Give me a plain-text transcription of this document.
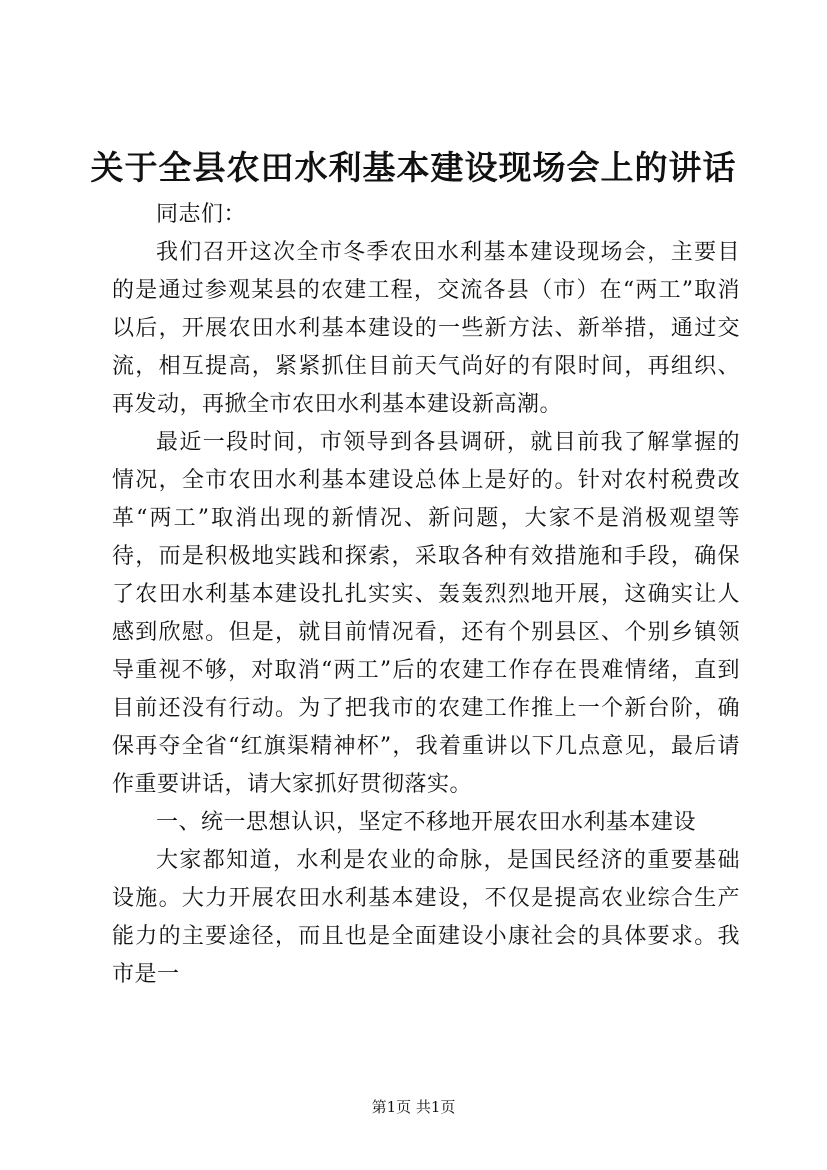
关于全县农田水利基本建设现场会上的讲话

同志们：

我们召开这次全市冬季农田水利基本建设现场会，主要目的是通过参观某县的农建工程，交流各县（市）在“两工”取消以后，开展农田水利基本建设的一些新方法、新举措，通过交流，相互提高，紧紧抓住目前天气尚好的有限时间，再组织、再发动，再掀全市农田水利基本建设新高潮。

最近一段时间，市领导到各县调研，就目前我了解掌握的情况，全市农田水利基本建设总体上是好的。针对农村税费改革“两工”取消出现的新情况、新问题，大家不是消极观望等待，而是积极地实践和探索，采取各种有效措施和手段，确保了农田水利基本建设扎扎实实、轰轰烈烈地开展，这确实让人感到欣慰。但是，就目前情况看，还有个别县区、个别乡镇领导重视不够，对取消“两工”后的农建工作存在畏难情绪，直到目前还没有行动。为了把我市的农建工作推上一个新台阶，确保再夺全省“红旗渠精神杯”，我着重讲以下几点意见，最后请作重要讲话，请大家抓好贯彻落实。

一、统一思想认识，坚定不移地开展农田水利基本建设

大家都知道，水利是农业的命脉，是国民经济的重要基础设施。大力开展农田水利基本建设，不仅是提高农业综合生产能力的主要途径，而且也是全面建设小康社会的具体要求。我市是一

第1页 共1页
